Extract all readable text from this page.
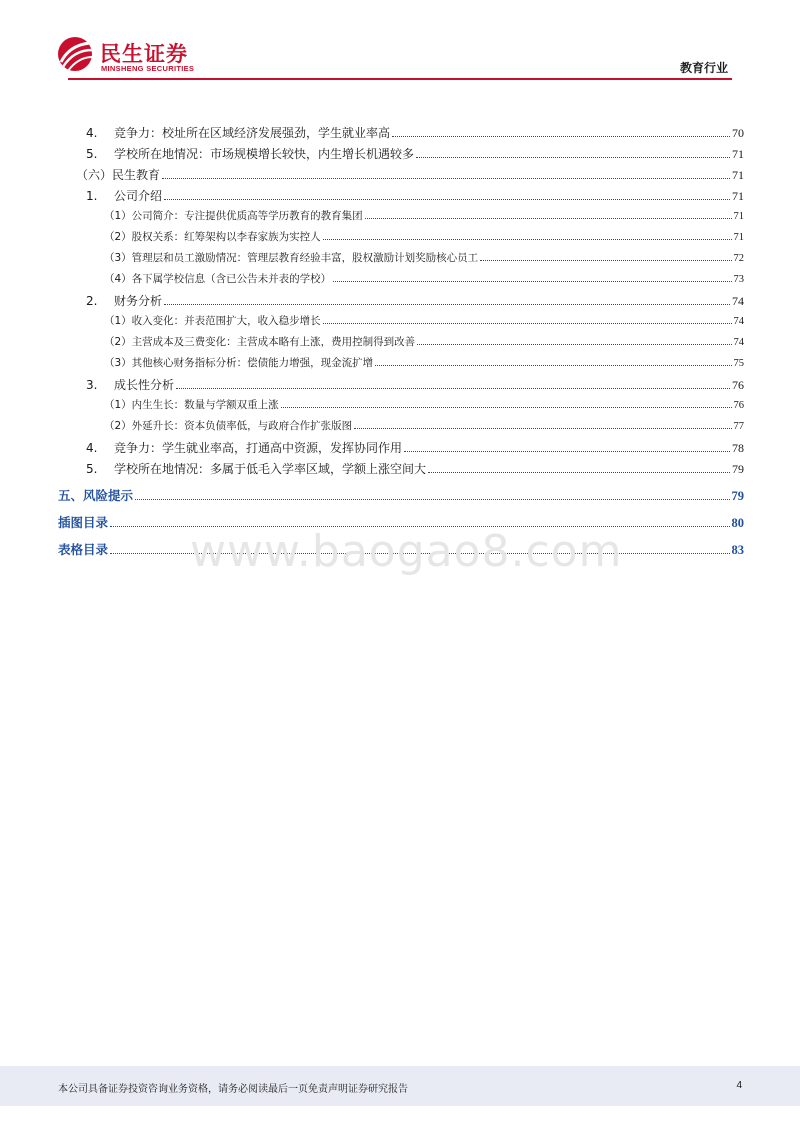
民生证券
MINSHENG SECURITIES	教育行业
4.	竞争力：校址所在区域经济发展强劲，学生就业率高	70
5.	学校所在地情况：市场规模增长较快，内生增长机遇较多	71
（六）民生教育	71
1.	公司介绍	71
（1）公司简介：专注提供优质高等学历教育的教育集团	71
（2）股权关系：红筹架构以李春家族为实控人	71
（3）管理层和员工激励情况：管理层教育经验丰富，股权激励计划奖励核心员工	72
（4）各下属学校信息（含已公告未并表的学校）	73
2.	财务分析	74
（1）收入变化：并表范围扩大，收入稳步增长	74
（2）主营成本及三费变化：主营成本略有上涨，费用控制得到改善	74
（3）其他核心财务指标分析：偿债能力增强，现金流扩增	75
3.	成长性分析	76
（1）内生生长：数量与学额双重上涨	76
（2）外延升长：资本负债率低，与政府合作扩张版图	77
4.	竞争力：学生就业率高，打通高中资源，发挥协同作用	78
5.	学校所在地情况：多属于低毛入学率区域，学额上涨空间大	79
五、风险提示	79
插图目录	80
表格目录	83
www.baogao8.com
本公司具备证券投资咨询业务资格，请务必阅读最后一页免责声明证券研究报告	4
